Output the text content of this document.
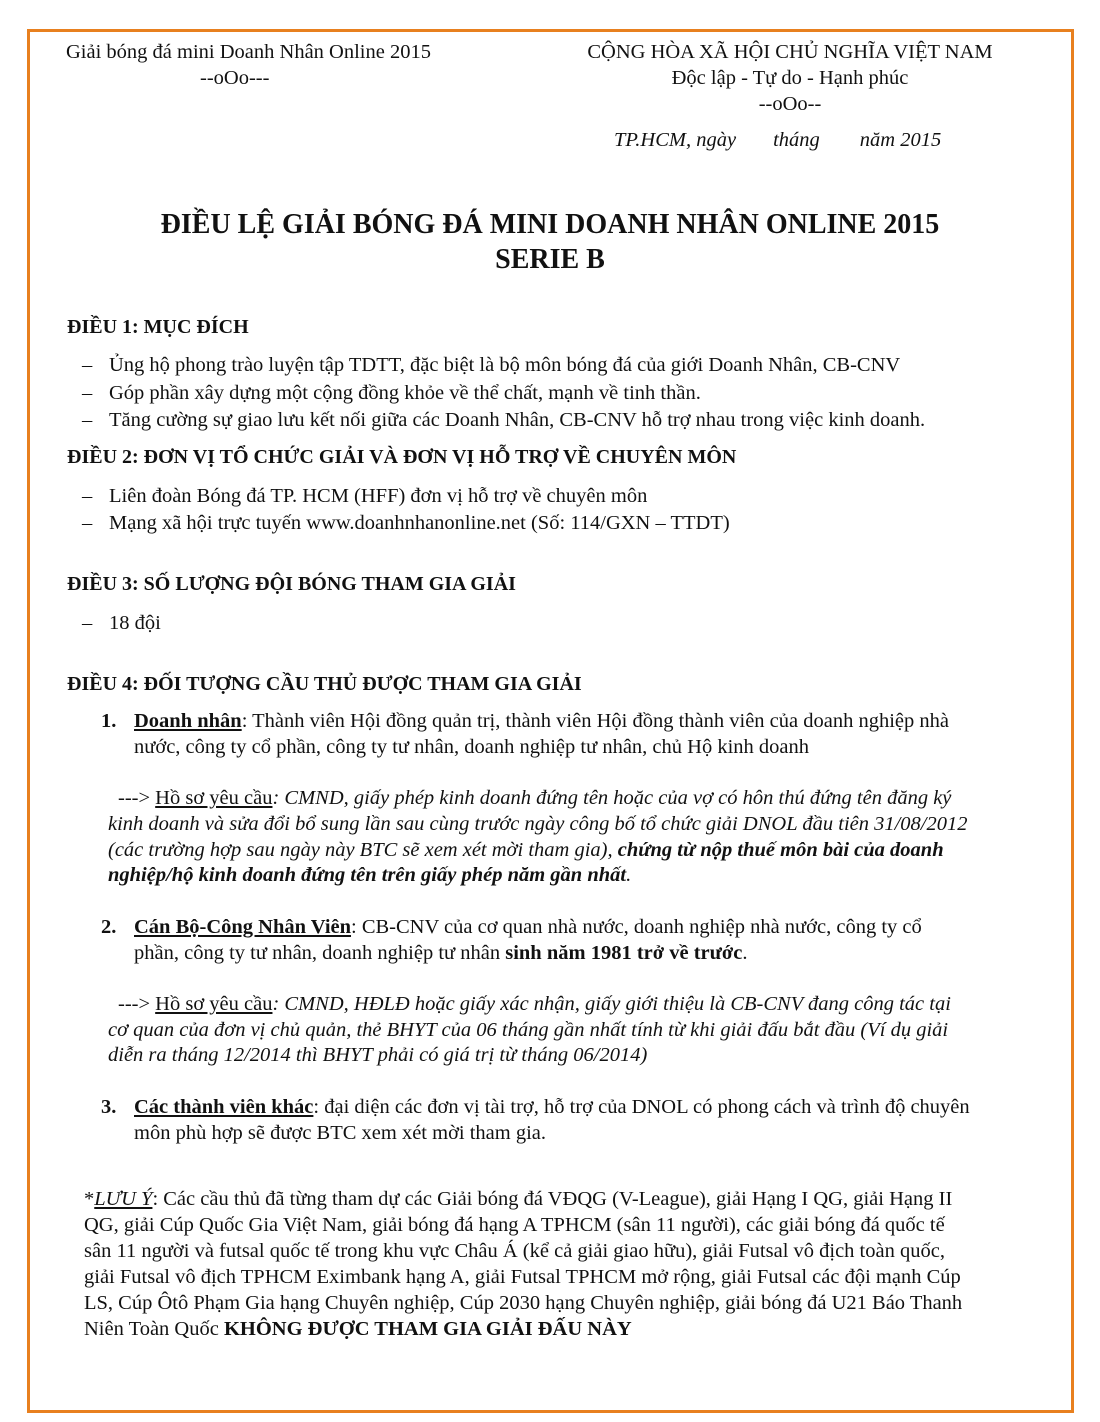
Giải bóng đá mini Doanh Nhân Online 2015
--oOo---
CỘNG HÒA XÃ HỘI CHỦ NGHĨA VIỆT NAM
Độc lập - Tự do - Hạnh phúc
--oOo--
TP.HCM, ngày tháng năm 2015
ĐIỀU LỆ GIẢI BÓNG ĐÁ MINI DOANH NHÂN ONLINE 2015
SERIE B
ĐIỀU 1: MỤC ĐÍCH
– Ủng hộ phong trào luyện tập TDTT, đặc biệt là bộ môn bóng đá của giới Doanh Nhân, CB-CNV
– Góp phần xây dựng một cộng đồng khỏe về thể chất, mạnh về tinh thần.
– Tăng cường sự giao lưu kết nối giữa các Doanh Nhân, CB-CNV hỗ trợ nhau trong việc kinh doanh.
ĐIỀU 2: ĐƠN VỊ TỔ CHỨC GIẢI VÀ ĐƠN VỊ HỖ TRỢ VỀ CHUYÊN MÔN
– Liên đoàn Bóng đá TP. HCM (HFF) đơn vị hỗ trợ về chuyên môn
– Mạng xã hội trực tuyến www.doanhnhanonline.net (Số: 114/GXN – TTDT)
ĐIỀU 3: SỐ LƯỢNG ĐỘI BÓNG THAM GIA GIẢI
– 18 đội
ĐIỀU 4: ĐỐI TƯỢNG CẦU THỦ ĐƯỢC THAM GIA GIẢI
1. Doanh nhân: Thành viên Hội đồng quản trị, thành viên Hội đồng thành viên của doanh nghiệp nhà
nước, công ty cổ phần, công ty tư nhân, doanh nghiệp tư nhân, chủ Hộ kinh doanh
---> Hồ sơ yêu cầu: CMND, giấy phép kinh doanh đứng tên hoặc của vợ có hôn thú đứng tên đăng ký
kinh doanh và sửa đổi bổ sung lần sau cùng trước ngày công bố tổ chức giải DNOL đầu tiên 31/08/2012
(các trường hợp sau ngày này BTC sẽ xem xét mời tham gia), chứng từ nộp thuế môn bài của doanh
nghiệp/hộ kinh doanh đứng tên trên giấy phép năm gần nhất.
2. Cán Bộ-Công Nhân Viên: CB-CNV của cơ quan nhà nước, doanh nghiệp nhà nước, công ty cổ
phần, công ty tư nhân, doanh nghiệp tư nhân sinh năm 1981 trở về trước.
---> Hồ sơ yêu cầu: CMND, HĐLĐ hoặc giấy xác nhận, giấy giới thiệu là CB-CNV đang công tác tại
cơ quan của đơn vị chủ quản, thẻ BHYT của 06 tháng gần nhất tính từ khi giải đấu bắt đầu (Ví dụ giải
diễn ra tháng 12/2014 thì BHYT phải có giá trị từ tháng 06/2014)
3. Các thành viên khác: đại diện các đơn vị tài trợ, hỗ trợ của DNOL có phong cách và trình độ chuyên
môn phù hợp sẽ được BTC xem xét mời tham gia.
*LƯU Ý: Các cầu thủ đã từng tham dự các Giải bóng đá VĐQG (V-League), giải Hạng I QG, giải Hạng II
QG, giải Cúp Quốc Gia Việt Nam, giải bóng đá hạng A TPHCM (sân 11 người), các giải bóng đá quốc tế
sân 11 người và futsal quốc tế trong khu vực Châu Á (kể cả giải giao hữu), giải Futsal vô địch toàn quốc,
giải Futsal vô địch TPHCM Eximbank hạng A, giải Futsal TPHCM mở rộng, giải Futsal các đội mạnh Cúp
LS, Cúp Ôtô Phạm Gia hạng Chuyên nghiệp, Cúp 2030 hạng Chuyên nghiệp, giải bóng đá U21 Báo Thanh
Niên Toàn Quốc KHÔNG ĐƯỢC THAM GIA GIẢI ĐẤU NÀY
